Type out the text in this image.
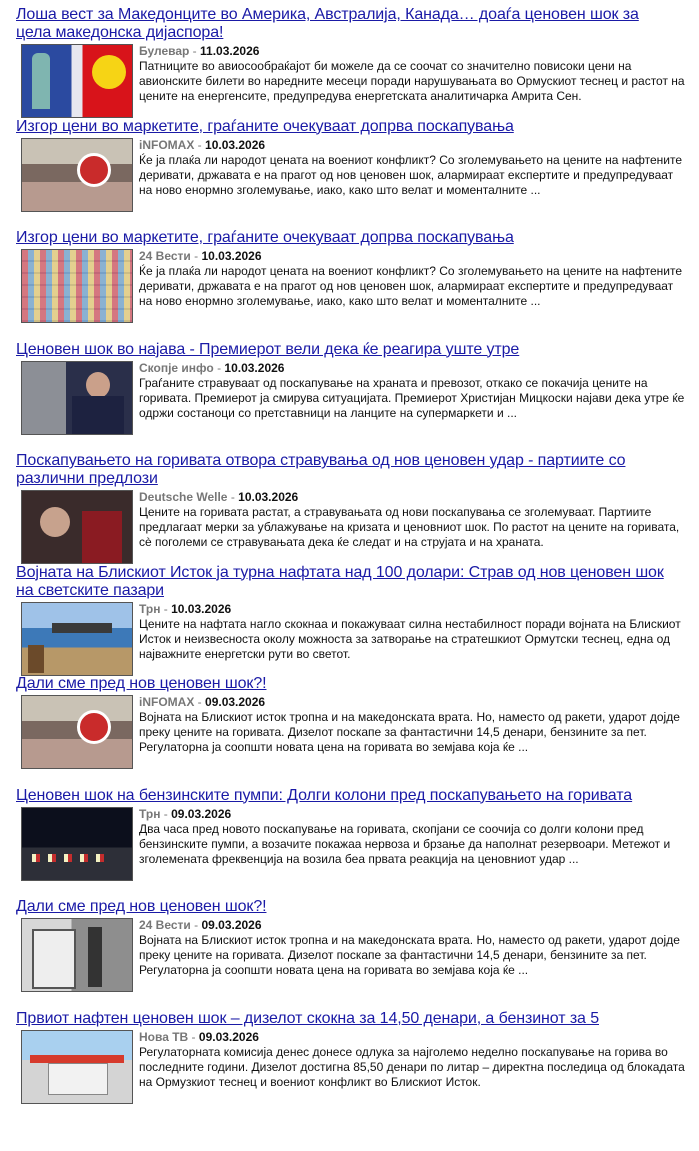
Лоша вест за Македонците во Америка, Австралија, Канада… доаѓа ценовен шок за цела македонска дијаспора!
Булевар - 11.03.2026
Патниците во авиосообраќајот би можеле да се соочат со значително повисоки цени на авионските билети во наредните месеци поради нарушувањата во Ормускиот теснец и растот на цените на енергенсите, предупредува енергетската аналитичарка Амрита Сен.
Изгор цени во маркетите, граѓаните очекуваат допрва поскапувања
iNFOMAX - 10.03.2026
Ќе ја плаќа ли народот цената на воениот конфликт? Со зголемувањето на цените на нафтените деривати, државата е на прагот од нов ценовен шок, алармираат експертите и предупредуваат на ново енормно зголемување, иако, како што велат и моменталните ...
Изгор цени во маркетите, граѓаните очекуваат допрва поскапувања
24 Вести - 10.03.2026
Ќе ја плаќа ли народот цената на воениот конфликт? Со зголемувањето на цените на нафтените деривати, државата е на прагот од нов ценовен шок, алармираат експертите и предупредуваат на ново енормно зголемување, иако, како што велат и моменталните ...
Ценовен шок во најава - Премиерот вели дека ќе реагира уште утре
Скопје инфо - 10.03.2026
Граѓаните стравуваат од поскапување на храната и превозот, откако се покачија цените на горивата. Премиерот ја смирува ситуацијата. Премиерот Христијан Мицкоски најави дека утре ќе одржи состаноци со претставници на ланците на супермаркети и ...
Поскапувањето на горивата отвора стравувања од нов ценовен удар - партиите со различни предлози
Deutsche Welle - 10.03.2026
Цените на горивата растат, а стравувањата од нови поскапувања се зголемуваат. Партиите предлагаат мерки за ублажување на кризата и ценовниот шок. По растот на цените на горивата, сè поголеми се стравувањата дека ќе следат и на струјата и на храната.
Војната на Блискиот Исток ја турна нафтата над 100 долари: Страв од нов ценовен шок на светските пазари
Трн - 10.03.2026
Цените на нафтата нагло скокнаа и покажуваат силна нестабилност поради војната на Блискиот Исток и неизвесноста околу можноста за затворање на стратешкиот Ормутски теснец, една од најважните енергетски рути во светот.
Дали сме пред нов ценовен шок?!
iNFOMAX - 09.03.2026
Војната на Блискиот исток тропна и на македонската врата. Но, наместо од ракети, ударот дојде преку цените на горивата. Дизелот поскапе за фантастични 14,5 денари, бензините за пет. Регулаторна ја соопшти новата цена на горивата во земјава која ќе ...
Ценовен шок на бензинските пумпи: Долги колони пред поскапувањето на горивата
Трн - 09.03.2026
Два часа пред новото поскапување на горивата, скопјани се соочија со долги колони пред бензинските пумпи, а возачите покажаа нервоза и брзање да наполнат резервоари. Метежот и зголемената фреквенција на возила беа првата реакција на ценовниот удар ...
Дали сме пред нов ценовен шок?!
24 Вести - 09.03.2026
Војната на Блискиот исток тропна и на македонската врата. Но, наместо од ракети, ударот дојде преку цените на горивата. Дизелот поскапе за фантастични 14,5 денари, бензините за пет. Регулаторна ја соопшти новата цена на горивата во земјава која ќе ...
Првиот нафтен ценовен шок – дизелот скокна за 14,50 денари, а бензинот за 5
Нова ТВ - 09.03.2026
Регулаторната комисија денес донесе одлука за најголемо неделно поскапување на горива во последните години. Дизелот достигна 85,50 денари по литар – директна последица од блокадата на Ормузкиот теснец и воениот конфликт во Блискиот Исток.
